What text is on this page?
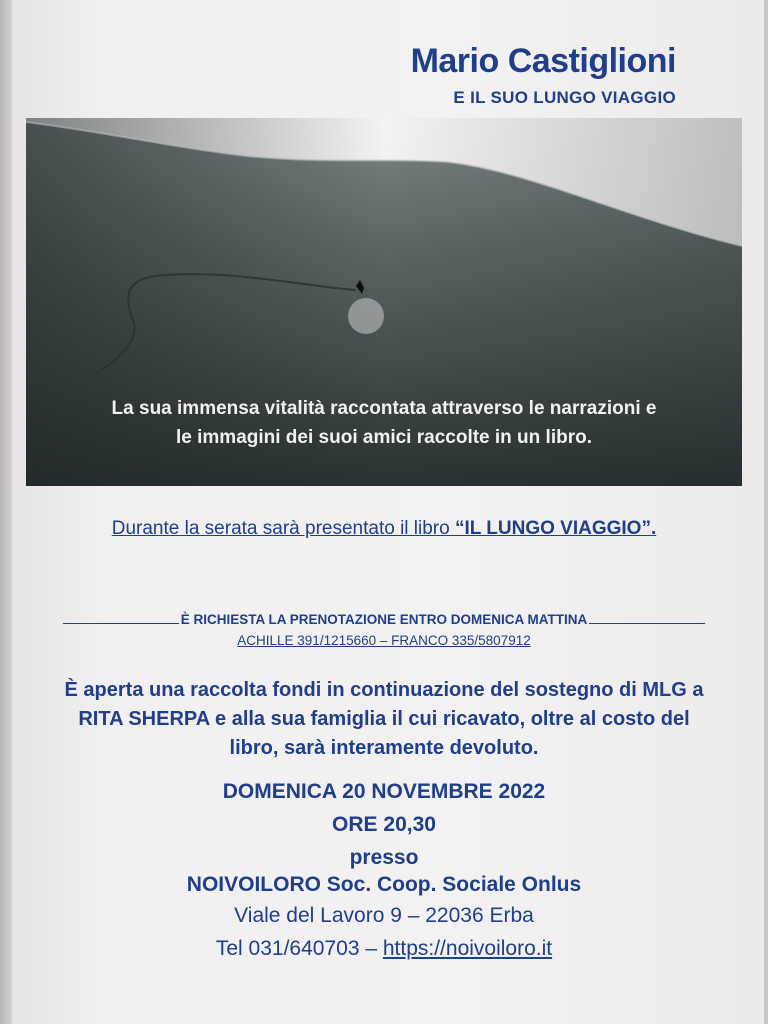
Mario Castiglioni
E IL SUO LUNGO VIAGGIO
La sua immensa vitalità raccontata attraverso le narrazioni e
le immagini dei suoi amici raccolte in un libro.
Durante la serata sarà presentato il libro “IL LUNGO VIAGGIO”.
È RICHIESTA LA PRENOTAZIONE ENTRO DOMENICA MATTINA
ACHILLE 391/1215660 – FRANCO 335/5807912
È aperta una raccolta fondi in continuazione del sostegno di MLG a
RITA SHERPA e alla sua famiglia il cui ricavato, oltre al costo del
libro, sarà interamente devoluto.
DOMENICA 20 NOVEMBRE 2022
ORE 20,30
presso
NOIVOILORO Soc. Coop. Sociale Onlus
Viale del Lavoro 9 – 22036 Erba
Tel 031/640703 – https://noivoiloro.it
